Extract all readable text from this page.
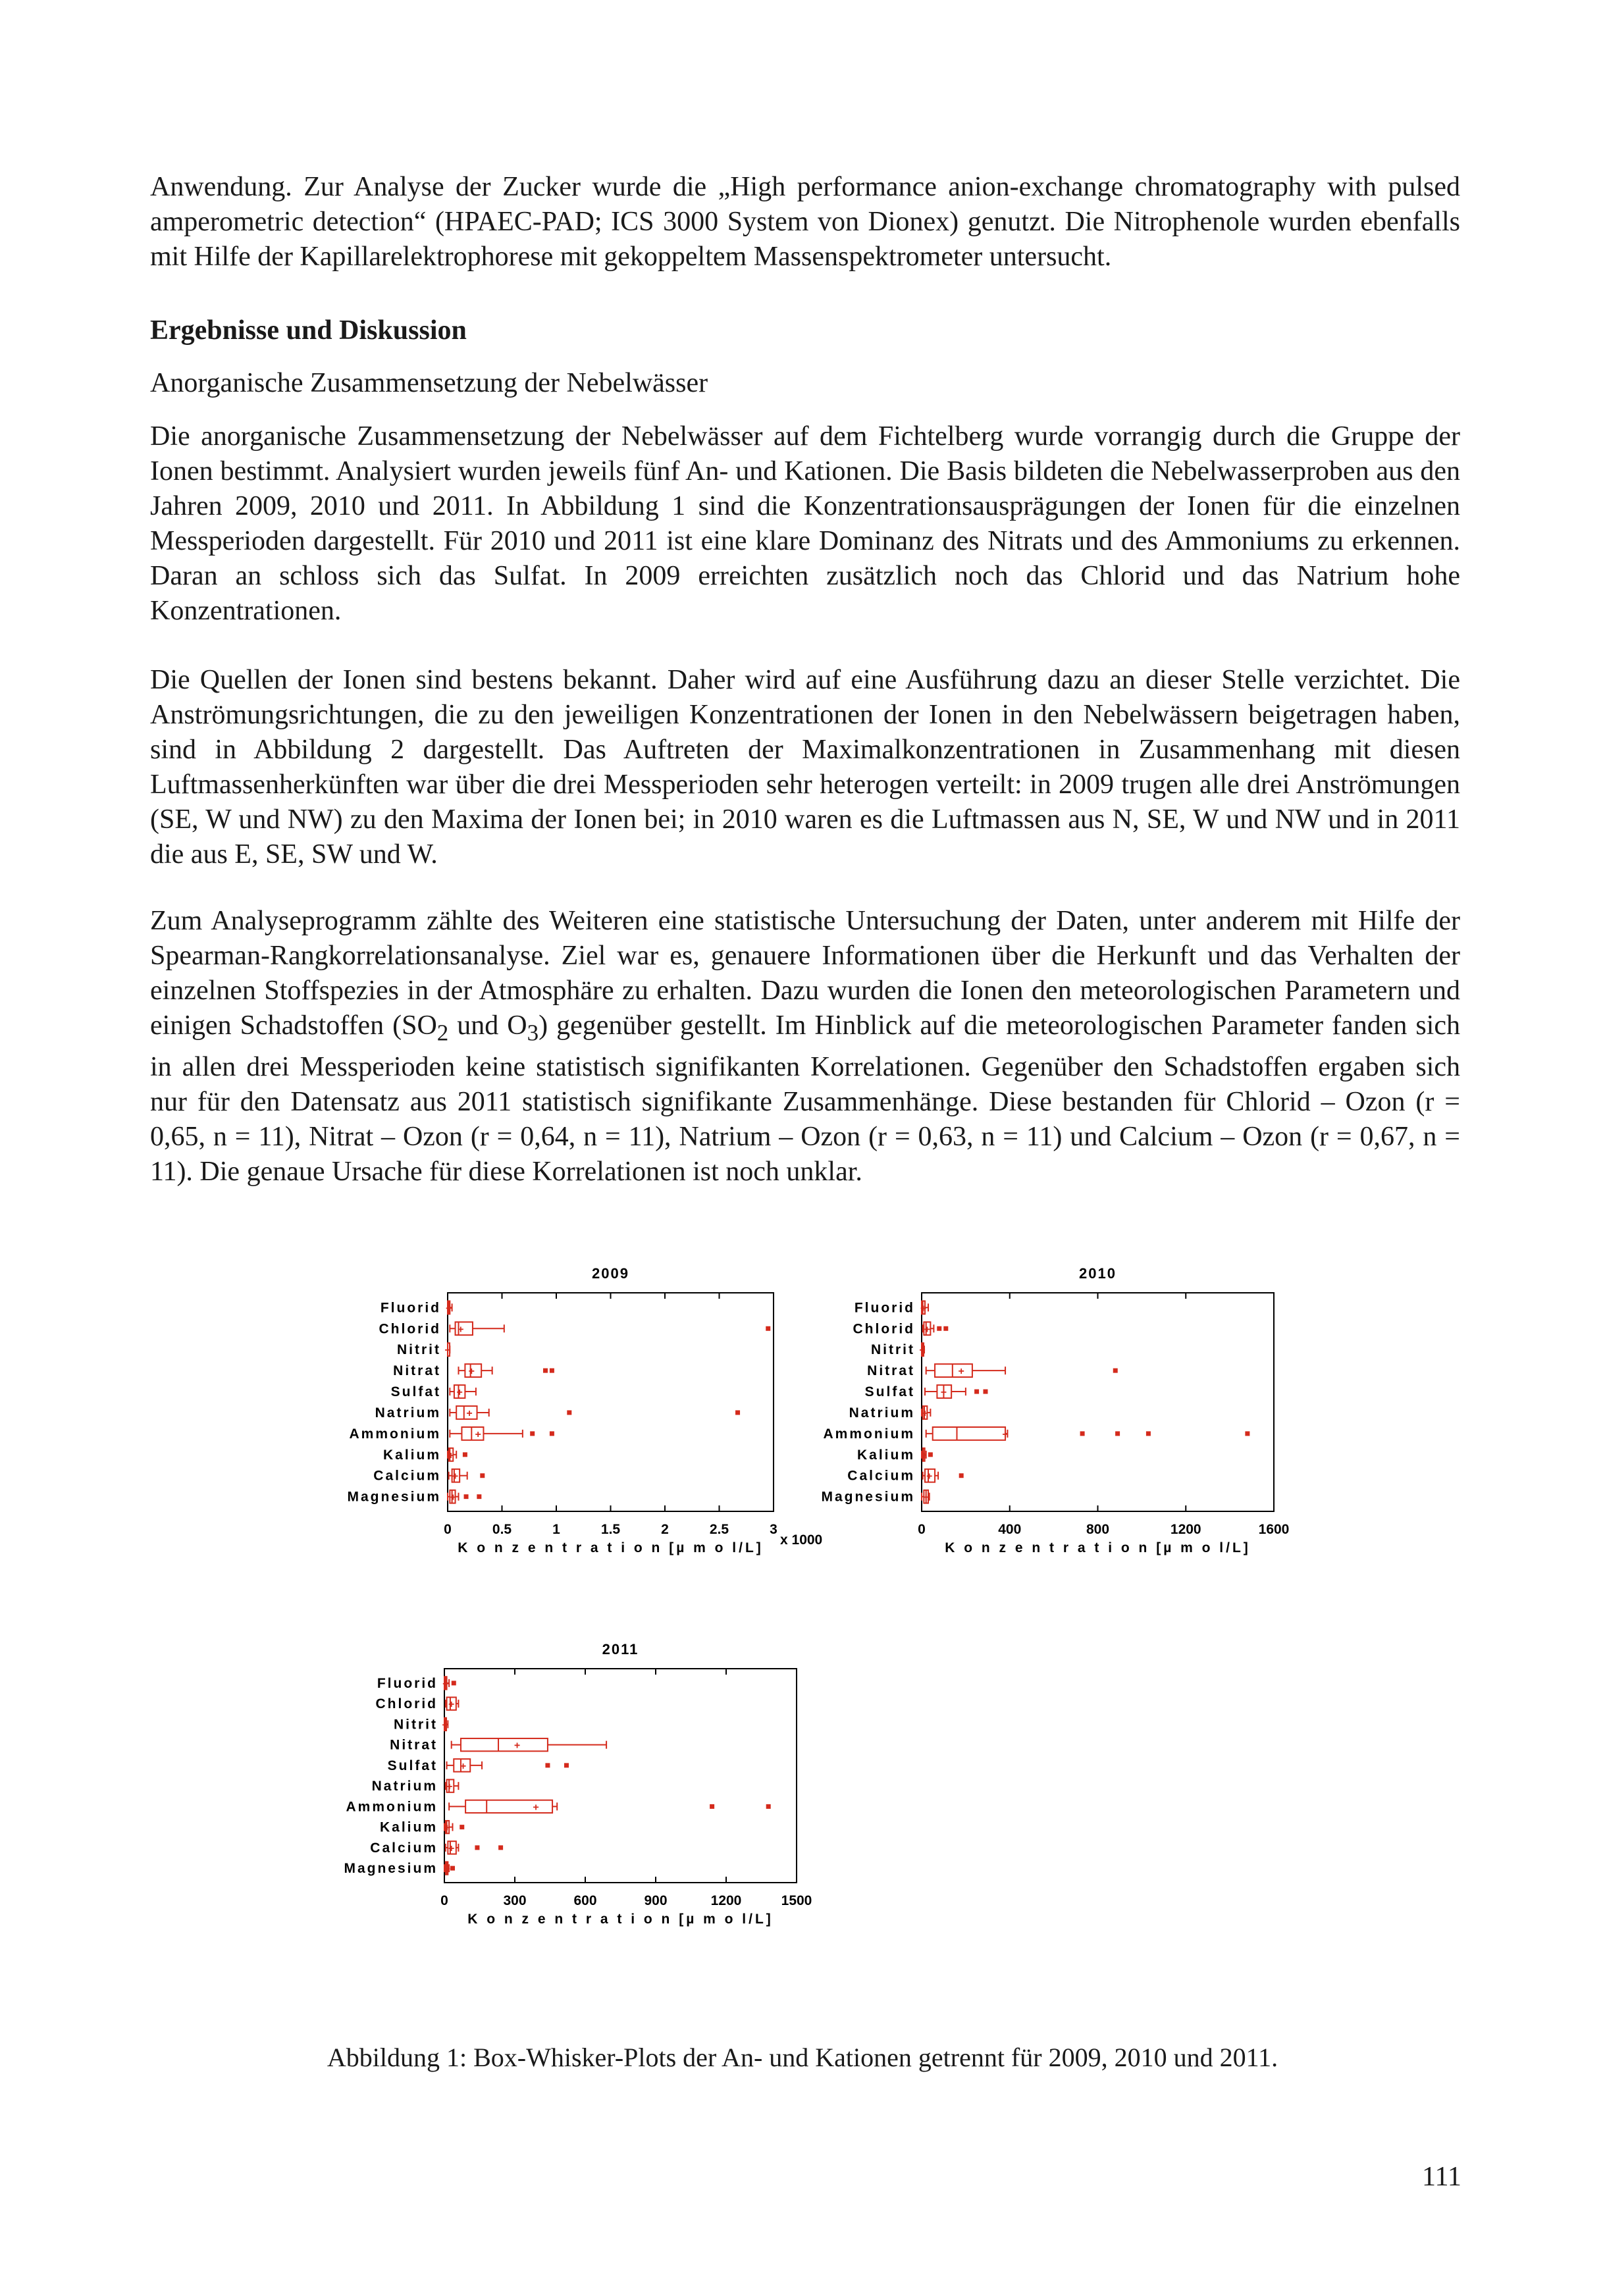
Anwendung. Zur Analyse der Zucker wurde die „High performance anion-exchange chromatography with pulsed amperometric detection“ (HPAEC-PAD; ICS 3000 System von Dionex) genutzt. Die Nitrophenole wurden ebenfalls mit Hilfe der Kapillarelektrophorese mit gekoppeltem Massenspektrometer untersucht.

Ergebnisse und Diskussion
Anorganische Zusammensetzung der Nebelwässer

Die anorganische Zusammensetzung der Nebelwässer auf dem Fichtelberg wurde vorrangig durch die Gruppe der Ionen bestimmt. Analysiert wurden jeweils fünf An- und Kationen. Die Basis bildeten die Nebelwasserproben aus den Jahren 2009, 2010 und 2011. In Abbildung 1 sind die Konzentrationsausprägungen der Ionen für die einzelnen Messperioden dargestellt. Für 2010 und 2011 ist eine klare Dominanz des Nitrats und des Ammoniums zu erkennen. Daran an schloss sich das Sulfat. In 2009 erreichten zusätzlich noch das Chlorid und das Natrium hohe Konzentrationen.

Die Quellen der Ionen sind bestens bekannt. Daher wird auf eine Ausführung dazu an dieser Stelle verzichtet. Die Anströmungsrichtungen, die zu den jeweiligen Konzentrationen der Ionen in den Nebelwässern beigetragen haben, sind in Abbildung 2 dargestellt. Das Auftreten der Maximalkonzentrationen in Zusammenhang mit diesen Luftmassenherkünften war über die drei Messperioden sehr heterogen verteilt: in 2009 trugen alle drei Anströmungen (SE, W und NW) zu den Maxima der Ionen bei; in 2010 waren es die Luftmassen aus N, SE, W und NW und in 2011 die aus E, SE, SW und W.

Zum Analyseprogramm zählte des Weiteren eine statistische Untersuchung der Daten, unter anderem mit Hilfe der Spearman-Rangkorrelationsanalyse. Ziel war es, genauere Informationen über die Herkunft und das Verhalten der einzelnen Stoffspezies in der Atmosphäre zu erhalten. Dazu wurden die Ionen den meteorologischen Parametern und einigen Schadstoffen ($SO_2$ und $O_3$) gegenüber gestellt. Im Hinblick auf die meteorologischen Parameter fanden sich in allen drei Messperioden keine statistisch signifikanten Korrelationen. Gegenüber den Schadstoffen ergaben sich nur für den Datensatz aus 2011 statistisch signifikante Zusammenhänge. Diese bestanden für Chlorid – Ozon (r = 0,65, n = 11), Nitrat – Ozon (r = 0,64, n = 11), Natrium – Ozon (r = 0,63, n = 11) und Calcium – Ozon (r = 0,67, n = 11). Die genaue Ursache für diese Korrelationen ist noch unklar.

2009
0	0.5	1	1.5	2	2.5	3
K o n z e n t r a t i o n [µ m o l/L]
x 1000
Fluorid +
Chlorid +
Nitrit +
Nitrat	+
Sulfat +
Natrium +
Ammonium	+
Kalium +
Calcium +
Magnesium +
2010
0	400	800	1200	1600
K o n z e n t r a t i o n [µ m o l/L]
Fluorid +
Chlorid +
Nitrit +
Nitrat	+
Sulfat +
Natrium +
Ammonium	+
Kalium +
Calcium +
Magnesium +
2011
0	300	600	900	1200	1500
K o n z e n t r a t i o n [µ m o l/L]
Fluorid +
Chlorid +
Nitrit +
Nitrat	+
Sulfat +
Natrium +
Ammonium	+
Kalium +
Calcium +
Magnesium +
Abbildung 1: Box-Whisker-Plots der An- und Kationen getrennt für 2009, 2010 und 2011.
111
